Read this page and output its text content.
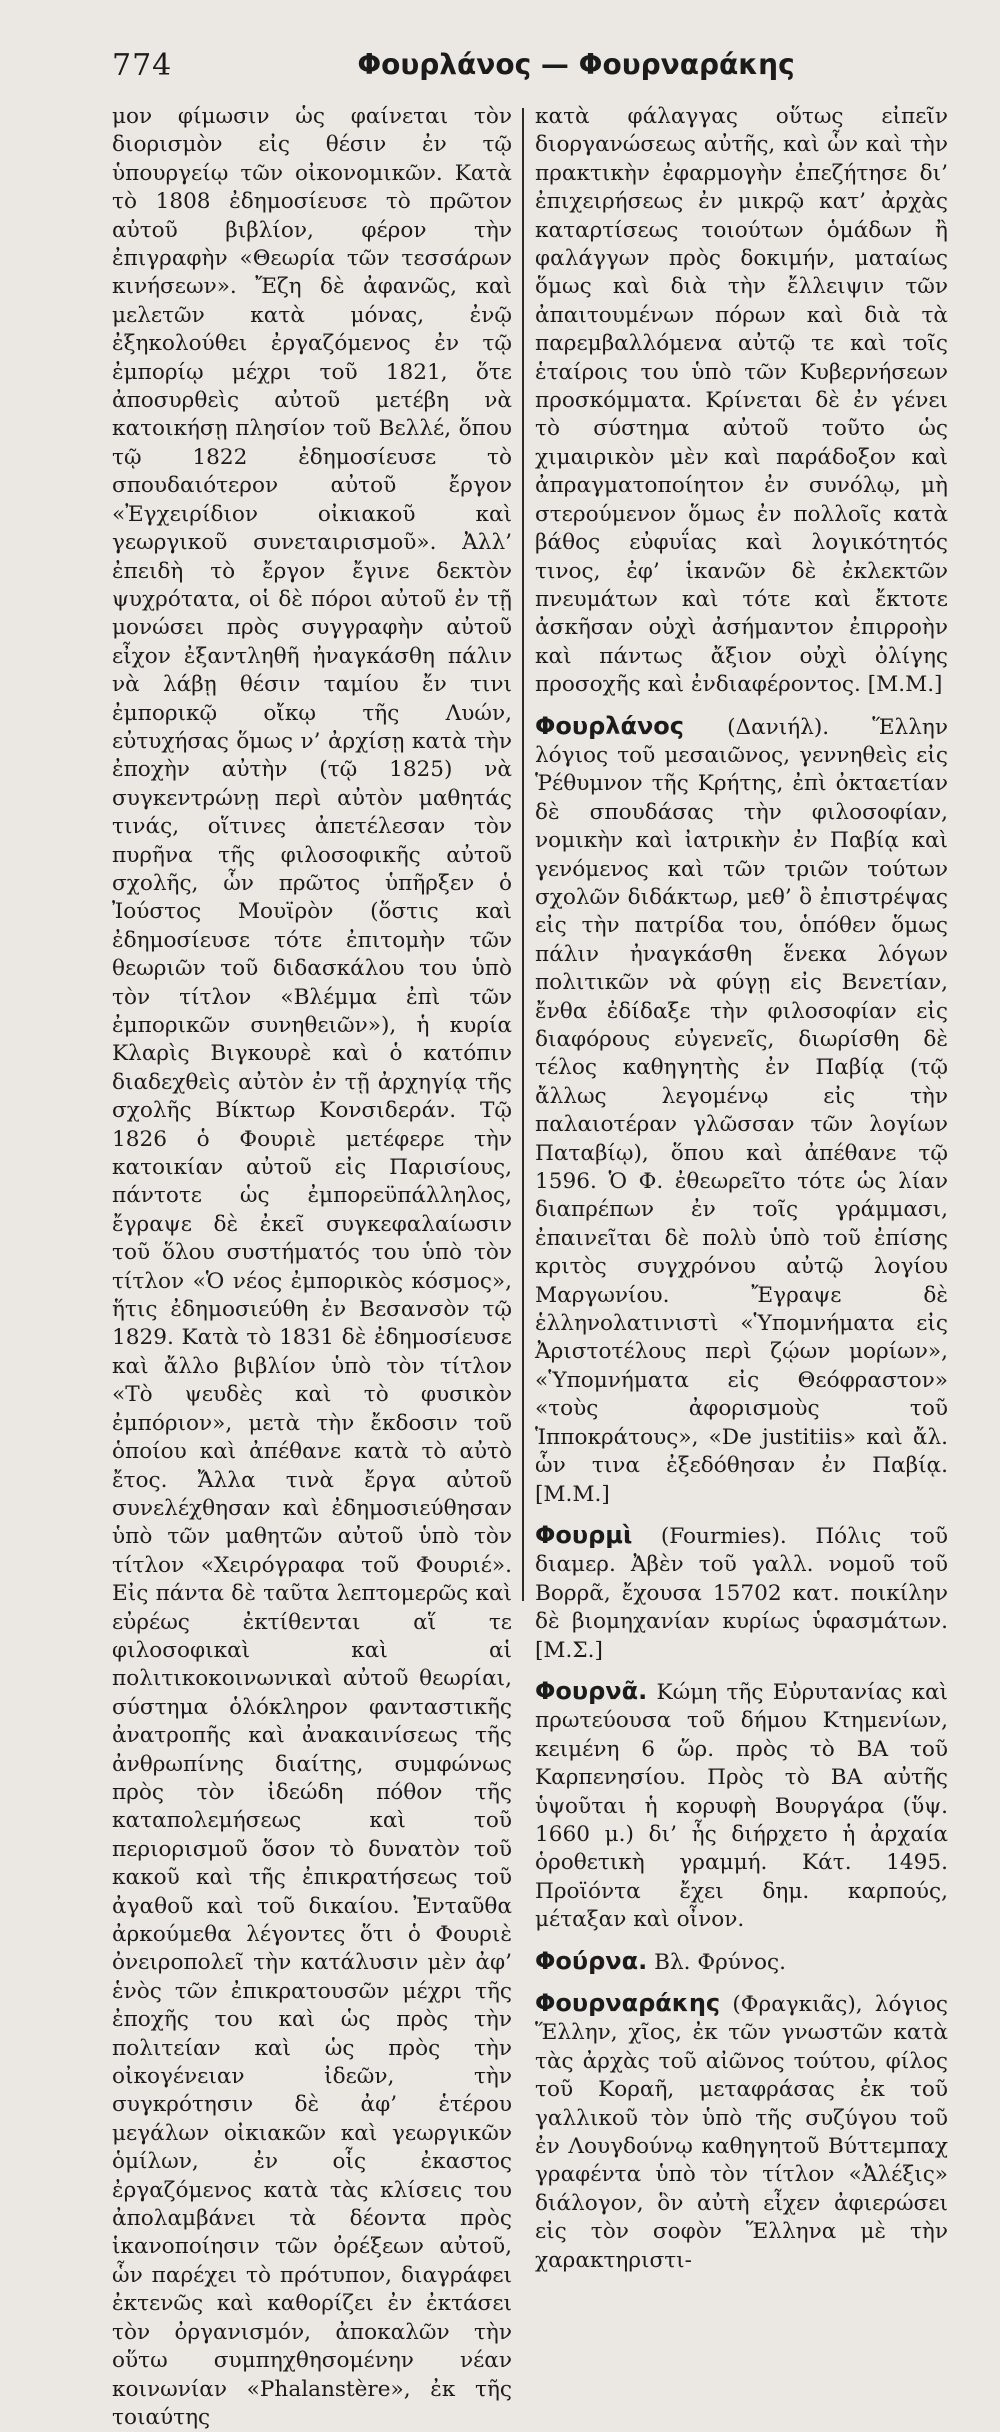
774	Φουρλάνος — Φουρναράκης

μον φίμωσιν ὡς φαίνεται τὸν διορισμὸν εἰς θέσιν ἐν τῷ ὑπουργείῳ τῶν οἰκονομικῶν. Κατὰ τὸ 1808 ἐδημοσίευσε τὸ πρῶτον αὐτοῦ βιβλίον, φέρον τὴν ἐπιγραφὴν «Θεωρία τῶν τεσσάρων κινήσεων». Ἔζη δὲ ἀφανῶς, καὶ μελετῶν κατὰ μόνας, ἐνῷ ἐξηκολούθει ἐργαζόμενος ἐν τῷ ἐμπορίῳ μέχρι τοῦ 1821, ὅτε ἀποσυρθεὶς αὐτοῦ μετέβη νὰ κατοικήσῃ πλησίον τοῦ Βελλέ, ὅπου τῷ 1822 ἐδημοσίευσε τὸ σπουδαιότερον αὐτοῦ ἔργον «Ἐγχειρίδιον οἰκιακοῦ καὶ γεωργικοῦ συνεταιρισμοῦ». Ἀλλ’ ἐπειδὴ τὸ ἔργον ἔγινε δεκτὸν ψυχρότατα, οἱ δὲ πόροι αὐτοῦ ἐν τῇ μονώσει πρὸς συγγραφὴν αὐτοῦ εἶχον ἐξαντληθῆ ἠναγκάσθη πάλιν νὰ λάβῃ θέσιν ταμίου ἔν τινι ἐμπορικῷ οἴκῳ τῆς Λυών, εὐτυχήσας ὅμως ν’ ἀρχίσῃ κατὰ τὴν ἐποχὴν αὐτὴν (τῷ 1825) νὰ συγκεντρώνῃ περὶ αὐτὸν μαθητάς τινάς, οἵτινες ἀπετέλεσαν τὸν πυρῆνα τῆς φιλοσοφικῆς αὐτοῦ σχολῆς, ὧν πρῶτος ὑπῆρξεν ὁ Ἰούστος Μουϊρὸν (ὅστις καὶ ἐδημοσίευσε τότε ἐπιτομὴν τῶν θεωριῶν τοῦ διδασκάλου του ὑπὸ τὸν τίτλον «Βλέμμα ἐπὶ τῶν ἐμπορικῶν συνηθειῶν»), ἡ κυρία Κλαρὶς Βιγκουρὲ καὶ ὁ κατόπιν διαδεχθεὶς αὐτὸν ἐν τῇ ἀρχηγίᾳ τῆς σχολῆς Βίκτωρ Κονσιδεράν. Τῷ 1826 ὁ Φουριὲ μετέφερε τὴν κατοικίαν αὐτοῦ εἰς Παρισίους, πάντοτε ὡς ἐμπορεϋπάλληλος, ἔγραψε δὲ ἐκεῖ συγκεφαλαίωσιν τοῦ ὅλου συστήματός του ὑπὸ τὸν τίτλον «Ὁ νέος ἐμπορικὸς κόσμος», ἥτις ἐδημοσιεύθη ἐν Βεσανσὸν τῷ 1829. Κατὰ τὸ 1831 δὲ ἐδημοσίευσε καὶ ἄλλο βιβλίον ὑπὸ τὸν τίτλον «Τὸ ψευδὲς καὶ τὸ φυσικὸν ἐμπόριον», μετὰ τὴν ἔκδοσιν τοῦ ὁποίου καὶ ἀπέθανε κατὰ τὸ αὐτὸ ἔτος. Ἄλλα τινὰ ἔργα αὐτοῦ συνελέχθησαν καὶ ἐδημοσιεύθησαν ὑπὸ τῶν μαθητῶν αὐτοῦ ὑπὸ τὸν τίτλον «Χειρόγραφα τοῦ Φουριέ». Εἰς πάντα δὲ ταῦτα λεπτομερῶς καὶ εὐρέως ἐκτίθενται αἵ τε φιλοσοφικαὶ καὶ αἱ πολιτικοκοινωνικαὶ αὐτοῦ θεωρίαι, σύστημα ὁλόκληρον φανταστικῆς ἀνατροπῆς καὶ ἀνακαινίσεως τῆς ἀνθρωπίνης διαίτης, συμφώνως πρὸς τὸν ἰδεώδη πόθον τῆς καταπολεμήσεως καὶ τοῦ περιορισμοῦ ὅσον τὸ δυνατὸν τοῦ κακοῦ καὶ τῆς ἐπικρατήσεως τοῦ ἀγαθοῦ καὶ τοῦ δικαίου. Ἐνταῦθα ἀρκούμεθα λέγοντες ὅτι ὁ Φουριὲ ὀνειροπολεῖ τὴν κατάλυσιν μὲν ἀφ’ ἑνὸς τῶν ἐπικρατουσῶν μέχρι τῆς ἐποχῆς του καὶ ὡς πρὸς τὴν πολιτείαν καὶ ὡς πρὸς τὴν οἰκογένειαν ἰδεῶν, τὴν συγκρότησιν δὲ ἀφ’ ἑτέρου μεγάλων οἰκιακῶν καὶ γεωργικῶν ὁμίλων, ἐν οἷς ἐκαστος ἐργαζόμενος κατὰ τὰς κλίσεις του ἀπολαμβάνει τὰ δέοντα πρὸς ἱκανοποίησιν τῶν ὀρέξεων αὐτοῦ, ὧν παρέχει τὸ πρότυπον, διαγράφει ἐκτενῶς καὶ καθορίζει ἐν ἐκτάσει τὸν ὀργανισμόν, ἀποκαλῶν τὴν οὕτω συμπηχθησομένην νέαν κοινωνίαν «Phalanstère», ἐκ τῆς τοιαύτης

κατὰ φάλαγγας οὕτως εἰπεῖν διοργανώσεως αὐτῆς, καὶ ὧν καὶ τὴν πρακτικὴν ἐφαρμογὴν ἐπεζήτησε δι’ ἐπιχειρήσεως ἐν μικρῷ κατ’ ἀρχὰς καταρτίσεως τοιούτων ὁμάδων ἢ φαλάγγων πρὸς δοκιμήν, ματαίως ὅμως καὶ διὰ τὴν ἔλλειψιν τῶν ἀπαιτουμένων πόρων καὶ διὰ τὰ παρεμβαλλόμενα αὐτῷ τε καὶ τοῖς ἑταίροις του ὑπὸ τῶν Κυβερνήσεων προσκόμματα. Κρίνεται δὲ ἐν γένει τὸ σύστημα αὐτοῦ τοῦτο ὡς χιμαιρικὸν μὲν καὶ παράδοξον καὶ ἀπραγματοποίητον ἐν συνόλῳ, μὴ στερούμενον ὅμως ἐν πολλοῖς κατὰ βάθος εὐφυΐας καὶ λογικότητός τινος, ἐφ’ ἱκανῶν δὲ ἐκλεκτῶν πνευμάτων καὶ τότε καὶ ἔκτοτε ἀσκῆσαν οὐχὶ ἀσήμαντον ἐπιρροὴν καὶ πάντως ἄξιον οὐχὶ ὀλίγης προσοχῆς καὶ ἐνδιαφέροντος. [Μ.Μ.]

Φουρλάνος (Δανιήλ). Ἕλλην λόγιος τοῦ μεσαιῶνος, γεννηθεὶς εἰς Ῥέθυμνον τῆς Κρήτης, ἐπὶ ὀκταετίαν δὲ σπουδάσας τὴν φιλοσοφίαν, νομικὴν καὶ ἰατρικὴν ἐν Παβίᾳ καὶ γενόμενος καὶ τῶν τριῶν τούτων σχολῶν διδάκτωρ, μεθ’ ὃ ἐπιστρέψας εἰς τὴν πατρίδα του, ὁπόθεν ὅμως πάλιν ἠναγκάσθη ἕνεκα λόγων πολιτικῶν νὰ φύγῃ εἰς Βενετίαν, ἔνθα ἐδίδαξε τὴν φιλοσοφίαν εἰς διαφόρους εὐγενεῖς, διωρίσθη δὲ τέλος καθηγητὴς ἐν Παβίᾳ (τῷ ἄλλως λεγομένῳ εἰς τὴν παλαιοτέραν γλῶσσαν τῶν λογίων Παταβίῳ), ὅπου καὶ ἀπέθανε τῷ 1596. Ὁ Φ. ἐθεωρεῖτο τότε ὡς λίαν διαπρέπων ἐν τοῖς γράμμασι, ἐπαινεῖται δὲ πολὺ ὑπὸ τοῦ ἐπίσης κριτὸς συγχρόνου αὐτῷ λογίου Μαργωνίου. Ἔγραψε δὲ ἑλληνολατινιστὶ «Ὑπομνήματα εἰς Ἀριστοτέλους περὶ ζῴων μορίων», «Ὑπομνήματα εἰς Θεόφραστον» «τοὺς ἀφορισμοὺς τοῦ Ἱπποκράτους», «De justitiis» καὶ ἄλ. ὧν τινα ἐξεδόθησαν ἐν Παβίᾳ. [Μ.Μ.]

Φουρμὶ (Fourmies). Πόλις τοῦ διαμερ. Ἀβὲν τοῦ γαλλ. νομοῦ τοῦ Βορρᾶ, ἔχουσα 15702 κατ. ποικίλην δὲ βιομηχανίαν κυρίως ὑφασμάτων. [Μ.Σ.]

Φουρνᾶ. Κώμη τῆς Εὐρυτανίας καὶ πρωτεύουσα τοῦ δήμου Κτημενίων, κειμένη 6 ὥρ. πρὸς τὸ ΒΑ τοῦ Καρπενησίου. Πρὸς τὸ ΒΑ αὐτῆς ὑψοῦται ἡ κορυφὴ Βουργάρα (ὕψ. 1660 μ.) δι’ ἧς διήρχετο ἡ ἀρχαία ὁροθετικὴ γραμμή. Κάτ. 1495. Προϊόντα ἔχει δημ. καρπούς, μέταξαν καὶ οἶνον.

Φούρνα. Βλ. Φρύνος.

Φουρναράκης (Φραγκιᾶς), λόγιος Ἕλλην, χῖος, ἐκ τῶν γνωστῶν κατὰ τὰς ἀρχὰς τοῦ αἰῶνος τούτου, φίλος τοῦ Κοραῆ, μεταφράσας ἐκ τοῦ γαλλικοῦ τὸν ὑπὸ τῆς συζύγου τοῦ ἐν Λουγδούνῳ καθηγητοῦ Βύττεμπαχ γραφέντα ὑπὸ τὸν τίτλον «Ἀλέξις» διάλογον, ὃν αὐτὴ εἶχεν ἀφιερώσει εἰς τὸν σοφὸν Ἕλληνα μὲ τὴν χαρακτηριστι-
